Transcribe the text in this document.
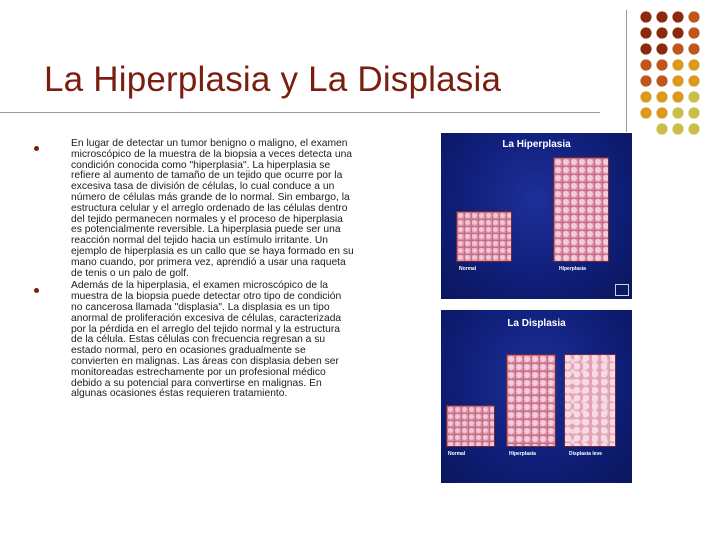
La Hiperplasia y La Displasia
En lugar de detectar un tumor benigno o maligno, el examen microscópico de la muestra de la biopsia a veces detecta una condición conocida como "hiperplasia". La hiperplasia se refiere al aumento de tamaño de un tejido que ocurre por la excesiva tasa de división de células, lo cual conduce a un número de células más grande de lo normal. Sin embargo, la estructura celular y el arreglo ordenado de las células dentro del tejido permanecen normales y el proceso de hiperplasia es potencialmente reversible. La hiperplasia puede ser una reacción normal del tejido hacia un estímulo irritante. Un ejemplo de hiperplasia es un callo que se haya formado en su mano cuando, por primera vez, aprendió a usar una raqueta de tenis o un palo de golf.
Además de la hiperplasia, el examen microscópico de la muestra de la biopsia puede detectar otro tipo de condición no cancerosa llamada "displasia". La displasia es un tipo anormal de proliferación excesiva de células, caracterizada por la pérdida en el arreglo del tejido normal y la estructura de la célula. Estas células con frecuencia regresan a su estado normal, pero en ocasiones gradualmente se convierten en malignas. Las áreas con displasia deben ser monitoreadas estrechamente por un profesional médico debido a su potencial para convertirse en malignas. En algunas ocasiones éstas requieren tratamiento.
La Hiperplasia
Normal	Hiperplasia
La Displasia
Normal	Hiperplasia	Displasia leve
